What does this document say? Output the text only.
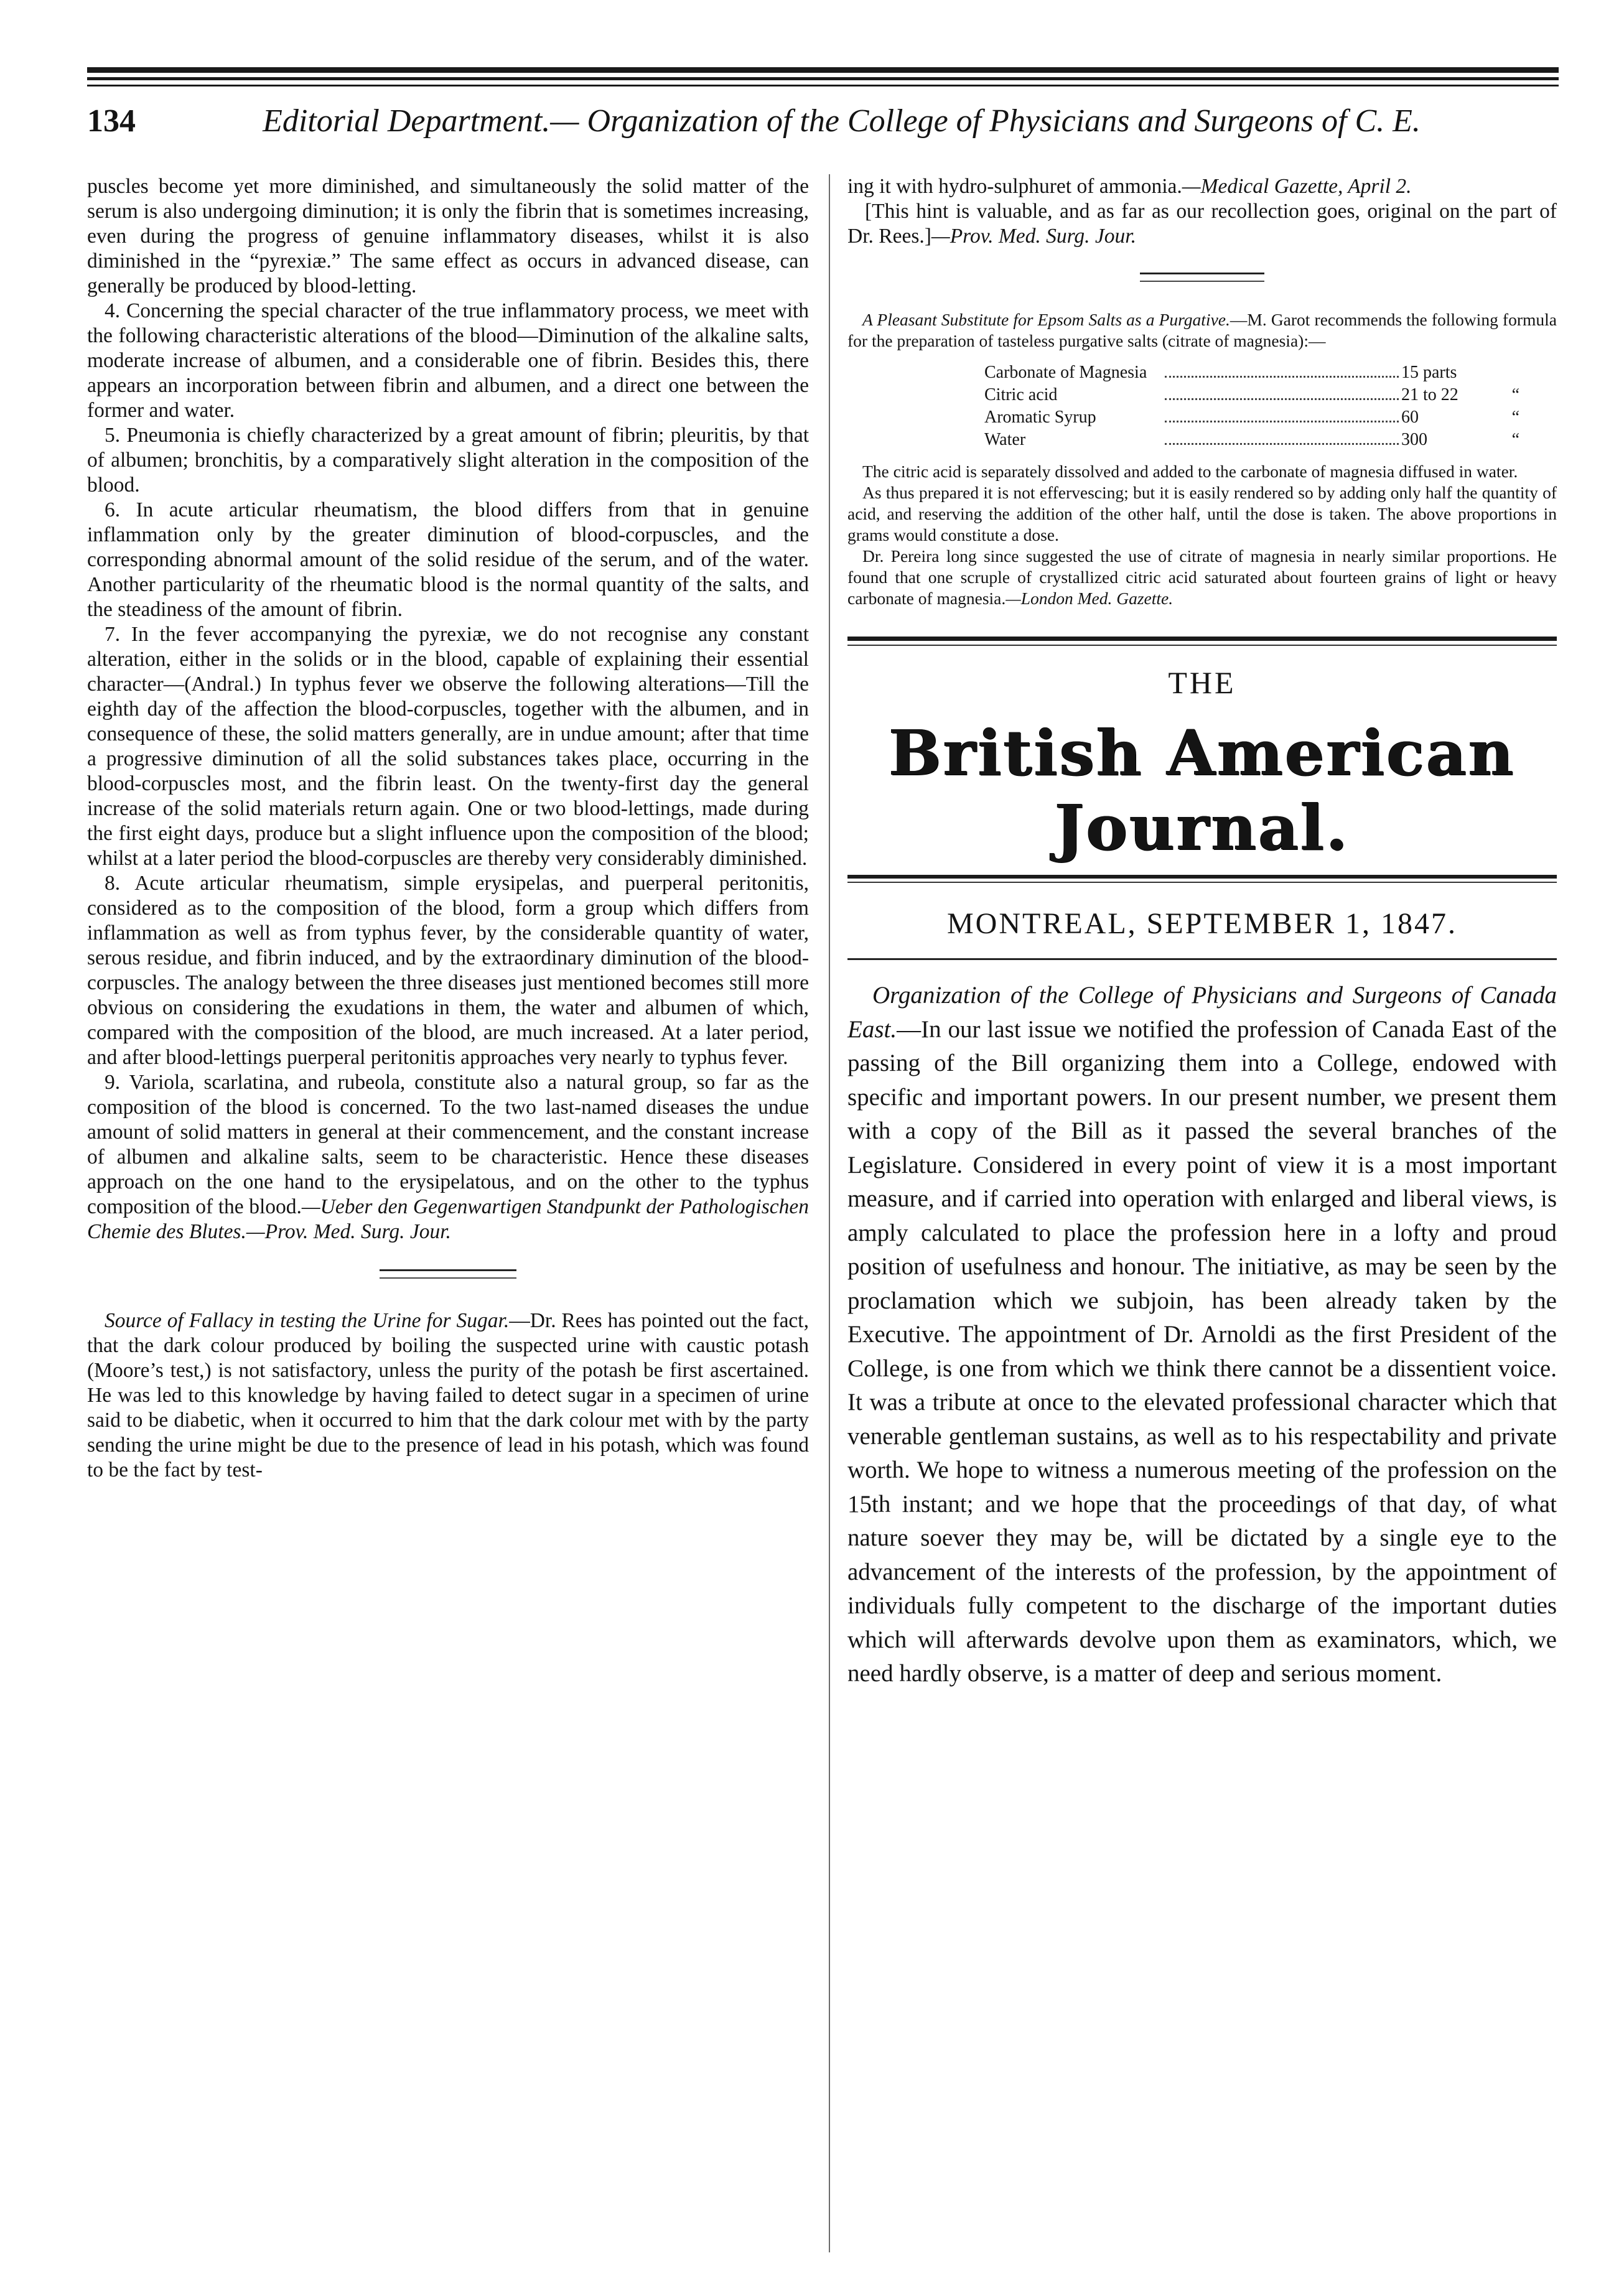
134	Editorial Department.— Organization of the College of Physicians and Surgeons of C. E.

puscles become yet more diminished, and simultaneously the solid matter of the serum is also undergoing diminution; it is only the fibrin that is sometimes increasing, even during the progress of genuine inflammatory diseases, whilst it is also diminished in the “pyrexiæ.” The same effect as occurs in advanced disease, can generally be produced by blood-letting.

4. Concerning the special character of the true inflammatory process, we meet with the following characteristic alterations of the blood—Diminution of the alkaline salts, moderate increase of albumen, and a considerable one of fibrin. Besides this, there appears an incorporation between fibrin and albumen, and a direct one between the former and water.

5. Pneumonia is chiefly characterized by a great amount of fibrin; pleuritis, by that of albumen; bronchitis, by a comparatively slight alteration in the composition of the blood.

6. In acute articular rheumatism, the blood differs from that in genuine inflammation only by the greater diminution of blood-corpuscles, and the corresponding abnormal amount of the solid residue of the serum, and of the water. Another particularity of the rheumatic blood is the normal quantity of the salts, and the steadiness of the amount of fibrin.

7. In the fever accompanying the pyrexiæ, we do not recognise any constant alteration, either in the solids or in the blood, capable of explaining their essential character—(Andral.) In typhus fever we observe the following alterations—Till the eighth day of the affection the blood-corpuscles, together with the albumen, and in consequence of these, the solid matters generally, are in undue amount; after that time a progressive diminution of all the solid substances takes place, occurring in the blood-corpuscles most, and the fibrin least. On the twenty-first day the general increase of the solid materials return again. One or two blood-lettings, made during the first eight days, produce but a slight influence upon the composition of the blood; whilst at a later period the blood-corpuscles are thereby very considerably diminished.

8. Acute articular rheumatism, simple erysipelas, and puerperal peritonitis, considered as to the composition of the blood, form a group which differs from inflammation as well as from typhus fever, by the considerable quantity of water, serous residue, and fibrin induced, and by the extraordinary diminution of the blood-corpuscles. The analogy between the three diseases just mentioned becomes still more obvious on considering the exudations in them, the water and albumen of which, compared with the composition of the blood, are much increased. At a later period, and after blood-lettings puerperal peritonitis approaches very nearly to typhus fever.

9. Variola, scarlatina, and rubeola, constitute also a natural group, so far as the composition of the blood is concerned. To the two last-named diseases the undue amount of solid matters in general at their commencement, and the constant increase of albumen and alkaline salts, seem to be characteristic. Hence these diseases approach on the one hand to the erysipelatous, and on the other to the typhus composition of the blood.—Ueber den Gegenwartigen Standpunkt der Pathologischen Chemie des Blutes.—Prov. Med. Surg. Jour.

Source of Fallacy in testing the Urine for Sugar.—Dr. Rees has pointed out the fact, that the dark colour produced by boiling the suspected urine with caustic potash (Moore’s test,) is not satisfactory, unless the purity of the potash be first ascertained. He was led to this knowledge by having failed to detect sugar in a specimen of urine said to be diabetic, when it occurred to him that the dark colour met with by the party sending the urine might be due to the presence of lead in his potash, which was found to be the fact by test-

ing it with hydro-sulphuret of ammonia.—Medical Gazette, April 2.

[This hint is valuable, and as far as our recollection goes, original on the part of Dr. Rees.]—Prov. Med. Surg. Jour.

A Pleasant Substitute for Epsom Salts as a Purgative.—M. Garot recommends the following formula for the preparation of tasteless purgative salts (citrate of magnesia):—

Carbonate of Magnesia	15 parts
Citric acid	21 to 22	“
Aromatic Syrup	60	“
Water	300	“

The citric acid is separately dissolved and added to the carbonate of magnesia diffused in water.

As thus prepared it is not effervescing; but it is easily rendered so by adding only half the quantity of acid, and reserving the addition of the other half, until the dose is taken. The above proportions in grams would constitute a dose.

Dr. Pereira long since suggested the use of citrate of magnesia in nearly similar proportions. He found that one scruple of crystallized citric acid saturated about fourteen grains of light or heavy carbonate of magnesia.—London Med. Gazette.

THE
British American Journal.
MONTREAL, SEPTEMBER 1, 1847.

Organization of the College of Physicians and Surgeons of Canada East.—In our last issue we notified the profession of Canada East of the passing of the Bill organizing them into a College, endowed with specific and important powers. In our present number, we present them with a copy of the Bill as it passed the several branches of the Legislature. Considered in every point of view it is a most important measure, and if carried into operation with enlarged and liberal views, is amply calculated to place the profession here in a lofty and proud position of usefulness and honour. The initiative, as may be seen by the proclamation which we subjoin, has been already taken by the Executive. The appointment of Dr. Arnoldi as the first President of the College, is one from which we think there cannot be a dissentient voice. It was a tribute at once to the elevated professional character which that venerable gentleman sustains, as well as to his respectability and private worth. We hope to witness a numerous meeting of the profession on the 15th instant; and we hope that the proceedings of that day, of what nature soever they may be, will be dictated by a single eye to the advancement of the interests of the profession, by the appointment of individuals fully competent to the discharge of the important duties which will afterwards devolve upon them as examinators, which, we need hardly observe, is a matter of deep and serious moment.
